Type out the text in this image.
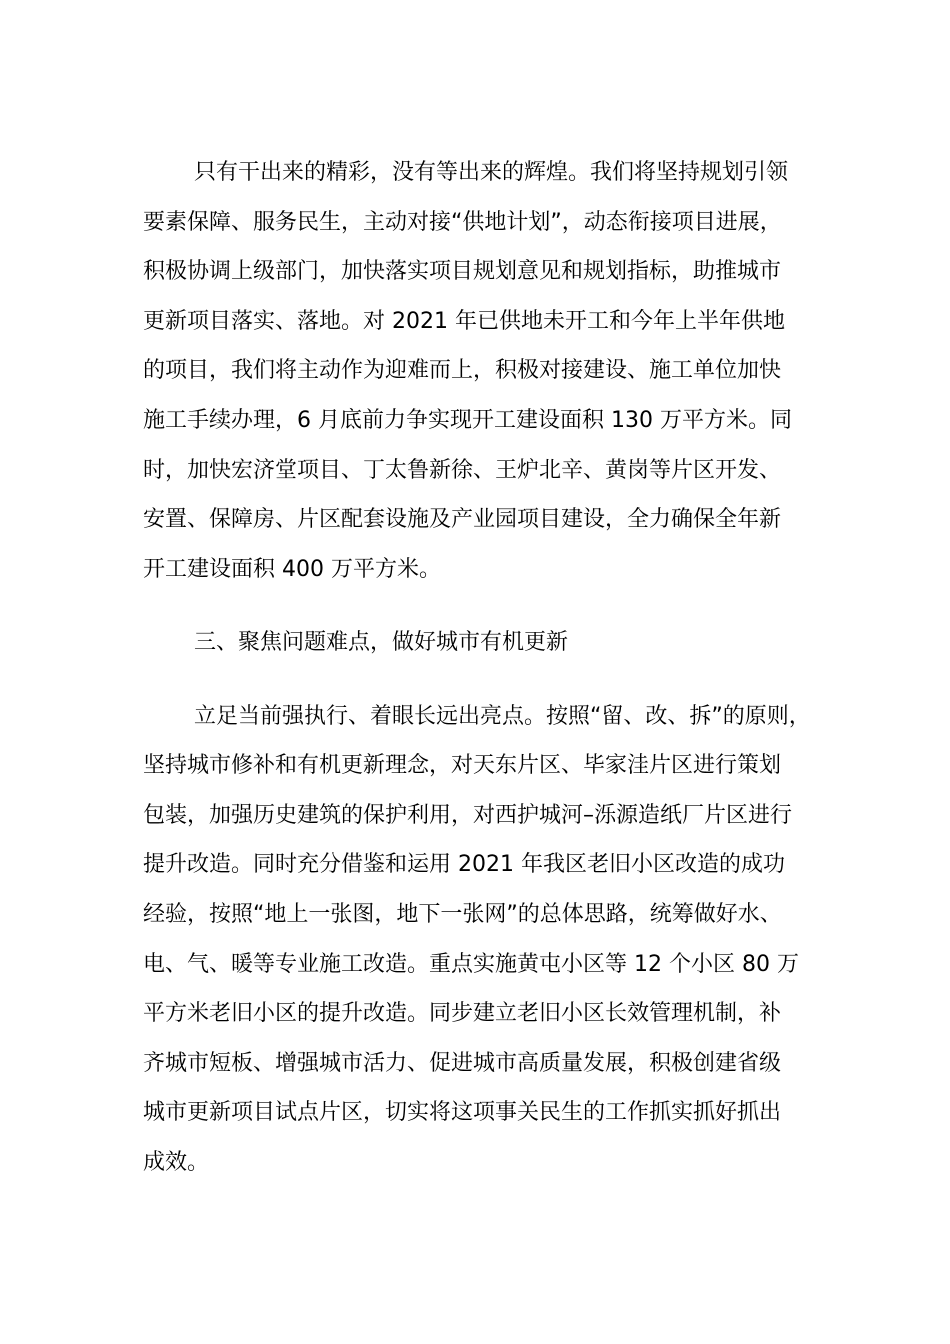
只有干出来的精彩，没有等出来的辉煌。我们将坚持规划引领

要素保障、服务民生，主动对接“供地计划”，动态衔接项目进展，

积极协调上级部门，加快落实项目规划意见和规划指标，助推城市

更新项目落实、落地。对 2021 年已供地未开工和今年上半年供地

的项目，我们将主动作为迎难而上，积极对接建设、施工单位加快

施工手续办理，6 月底前力争实现开工建设面积 130 万平方米。同

时，加快宏济堂项目、丁太鲁新徐、王炉北辛、黄岗等片区开发、

安置、保障房、片区配套设施及产业园项目建设，全力确保全年新

开工建设面积 400 万平方米。

三、聚焦问题难点，做好城市有机更新

立足当前强执行、着眼长远出亮点。按照“留、改、拆”的原则，

坚持城市修补和有机更新理念，对天东片区、毕家洼片区进行策划

包装，加强历史建筑的保护利用，对西护城河–泺源造纸厂片区进行

提升改造。同时充分借鉴和运用 2021 年我区老旧小区改造的成功

经验，按照“地上一张图，地下一张网”的总体思路，统筹做好水、

电、气、暖等专业施工改造。重点实施黄屯小区等 12 个小区 80 万

平方米老旧小区的提升改造。同步建立老旧小区长效管理机制，补

齐城市短板、增强城市活力、促进城市高质量发展，积极创建省级

城市更新项目试点片区，切实将这项事关民生的工作抓实抓好抓出

成效。
